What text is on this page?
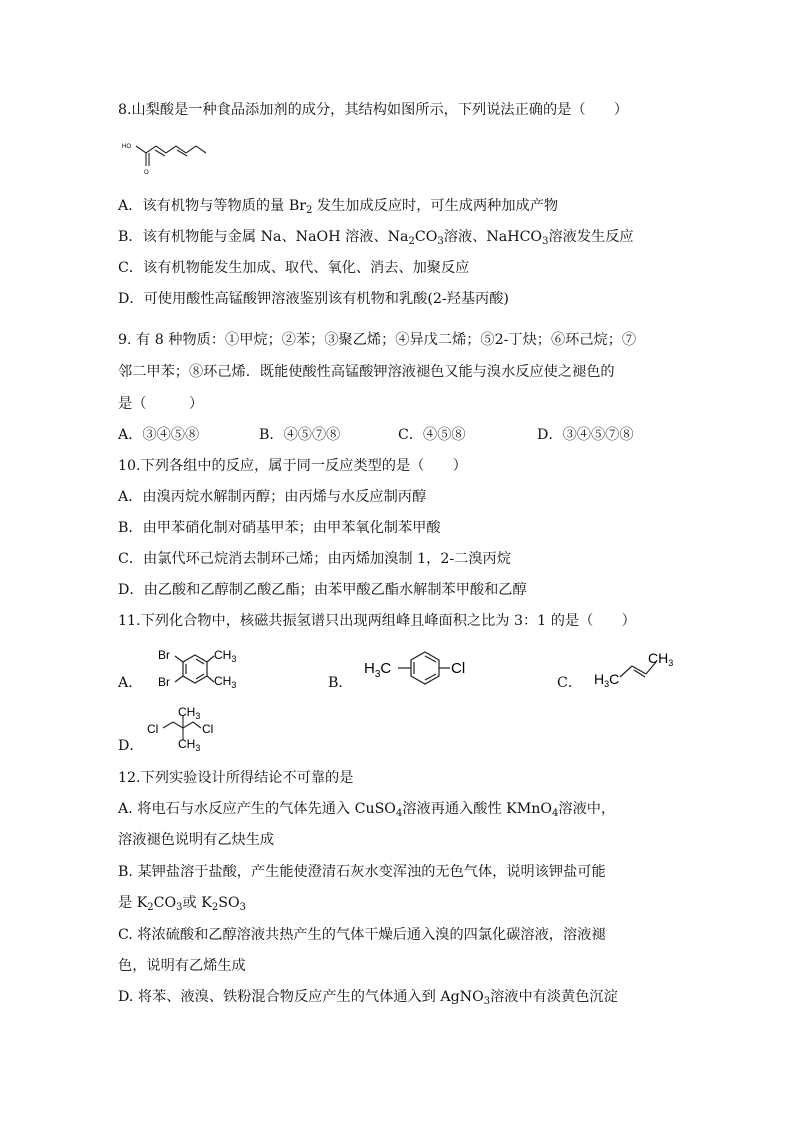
8.山梨酸是一种食品添加剂的成分，其结构如图所示，下列说法正确的是（　　）
HO
O
A．该有机物与等物质的量 $Br_2$ 发生加成反应时，可生成两种加成产物
B．该有机物能与金属 Na、NaOH 溶液、$Na_2CO_3$溶液、NaHCO$_3$溶液发生反应
C．该有机物能发生加成、取代、氧化、消去、加聚反应
D．可使用酸性高锰酸钾溶液鉴别该有机物和乳酸(2-羟基丙酸)
9. 有 8 种物质：①甲烷；②苯；③聚乙烯；④异戊二烯；⑤2-丁炔；⑥环己烷；⑦
邻二甲苯；⑧环己烯．既能使酸性高锰酸钾溶液褪色又能与溴水反应使之褪色的
是（　　　）
A．③④⑤⑧	B．④⑤⑦⑧	C．④⑤⑧	D．③④⑤⑦⑧
10.下列各组中的反应，属于同一反应类型的是（　　）
A．由溴丙烷水解制丙醇；由丙烯与水反应制丙醇
B．由甲苯硝化制对硝基甲苯；由甲苯氧化制苯甲酸
C．由氯代环己烷消去制环己烯；由丙烯加溴制 1，2-二溴丙烷
D．由乙酸和乙醇制乙酸乙酯；由苯甲酸乙酯水解制苯甲酸和乙醇
11.下列化合物中，核磁共振氢谱只出现两组峰且峰面积之比为 3：1 的是（　　）
A．
Br
Br
$CH_3$
$CH_3$	B．
$H_3C$	Cl
C． $H_3C$
$CH_3$
D．
Cl	Cl
$CH_3$
$CH_3$
12.下列实验设计所得结论不可靠的是
A. 将电石与水反应产生的气体先通入 CuSO$_4$溶液再通入酸性 KMnO$_4$溶液中，
溶液褪色说明有乙炔生成
B. 某钾盐溶于盐酸，产生能使澄清石灰水变浑浊的无色气体，说明该钾盐可能
是 $K_2CO_3$或 $K_2SO_3$
C. 将浓硫酸和乙醇溶液共热产生的气体干燥后通入溴的四氯化碳溶液，溶液褪
色，说明有乙烯生成
D. 将苯、液溴、铁粉混合物反应产生的气体通入到 AgNO$_3$溶液中有淡黄色沉淀
